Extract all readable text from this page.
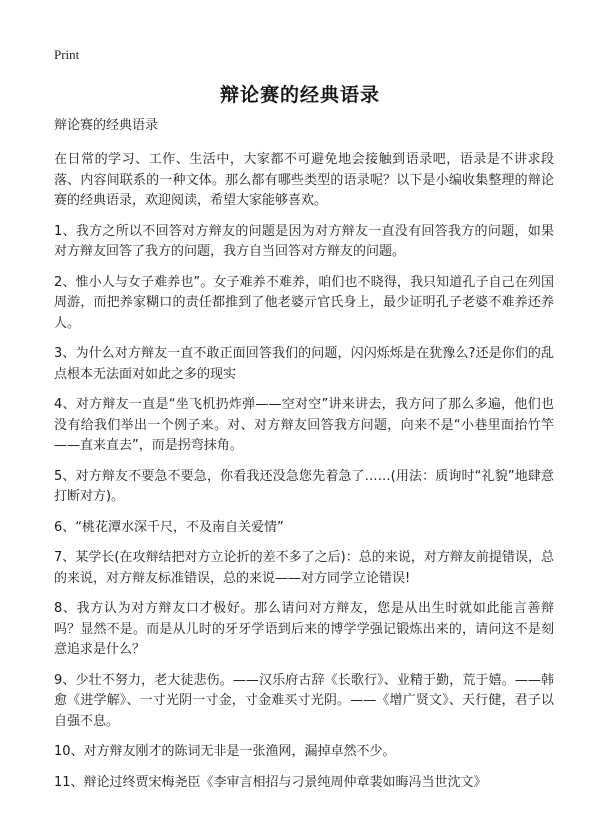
Print
辩论赛的经典语录

辩论赛的经典语录

在日常的学习、工作、生活中，大家都不可避免地会接触到语录吧，语录是不讲求段落、内容间联系的一种文体。那么都有哪些类型的语录呢？以下是小编收集整理的辩论赛的经典语录，欢迎阅读，希望大家能够喜欢。

1、我方之所以不回答对方辩友的问题是因为对方辩友一直没有回答我方的问题，如果对方辩友回答了我方的问题，我方自当回答对方辩友的问题。

2、惟小人与女子难养也”。女子难养不难养，咱们也不晓得，我只知道孔子自己在列国周游，而把养家糊口的责任都推到了他老婆亓官氏身上，最少证明孔子老婆不难养还养人。

3、为什么对方辩友一直不敢正面回答我们的问题，闪闪烁烁是在犹豫么?还是你们的乱点根本无法面对如此之多的现实

4、对方辩友一直是“坐飞机扔炸弹——空对空”讲来讲去，我方问了那么多遍，他们也没有给我们举出一个例子来。对、对方辩友回答我方问题，向来不是“小巷里面抬竹竿——直来直去”，而是拐弯抹角。

5、对方辩友不要急不要急，你看我还没急您先着急了……(用法：质询时“礼貌”地肆意打断对方)。

6、“桃花潭水深千尺，不及南自关爱情”

7、某学长(在攻辩结把对方立论折的差不多了之后)：总的来说，对方辩友前提错误，总的来说，对方辩友标准错误，总的来说——对方同学立论错误!

8、我方认为对方辩友口才极好。那么请问对方辩友，您是从出生时就如此能言善辩吗？显然不是。而是从儿时的牙牙学语到后来的博学学强记锻炼出来的，请问这不是刻意追求是什么？

9、少壮不努力，老大徒悲伤。——汉乐府古辞《长歌行》、业精于勤，荒于嬉。——韩愈《进学解》、一寸光阴一寸金，寸金难买寸光阴。——《增广贤文》、天行健，君子以自强不息。

10、对方辩友刚才的陈词无非是一张渔网，漏掉卓然不少。

11、辩论过终贾宋梅尧臣《李审言相招与刁景纯周仲章裴如晦冯当世沈文》
